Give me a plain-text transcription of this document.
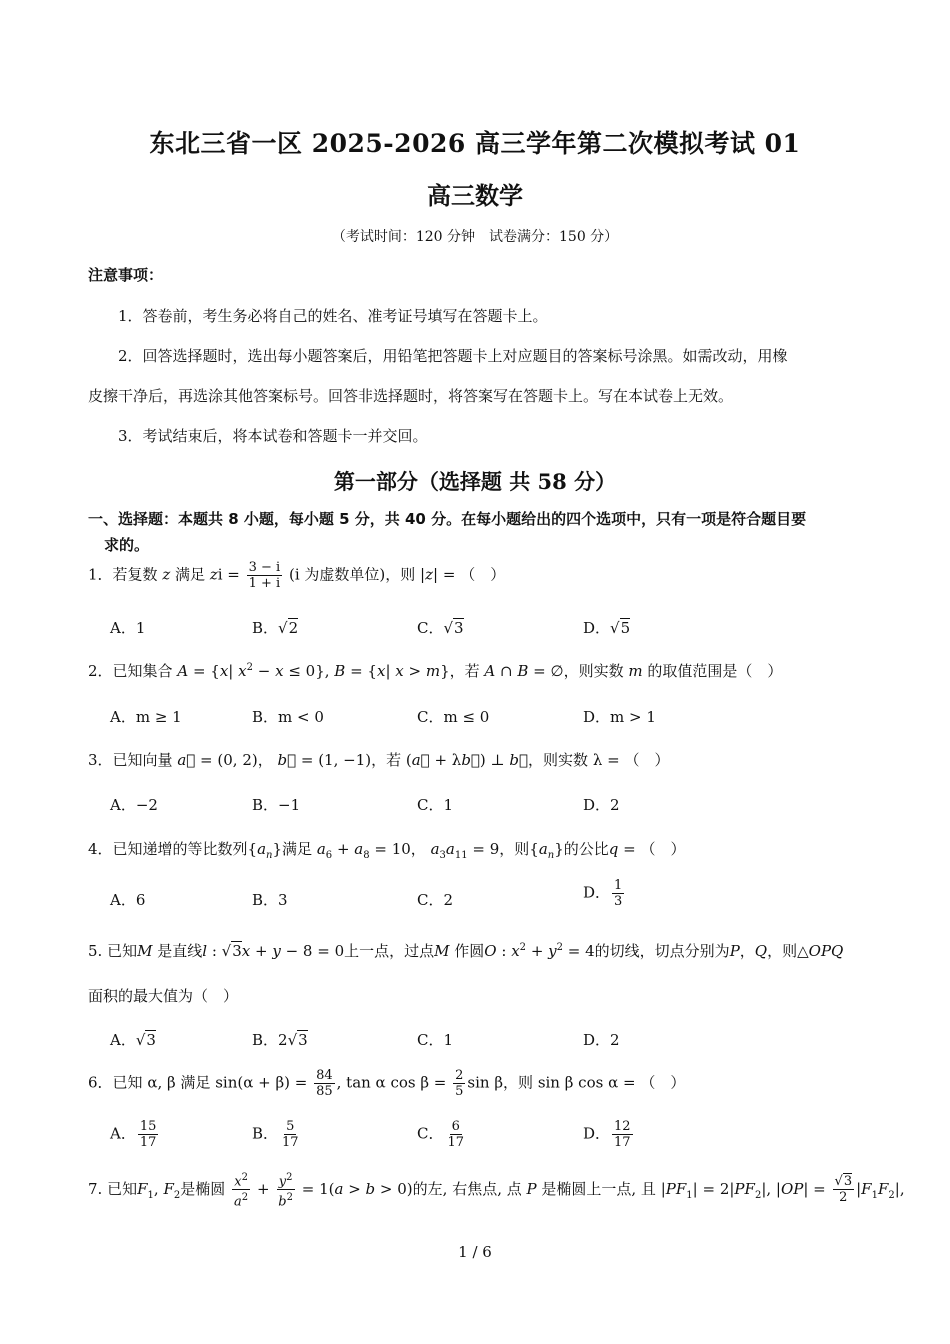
东北三省一区 2025-2026 高三学年第二次模拟考试 01
高三数学
（考试时间：120 分钟　试卷满分：150 分）
注意事项：
1．答卷前，考生务必将自己的姓名、准考证号填写在答题卡上。
2．回答选择题时，选出每小题答案后，用铅笔把答题卡上对应题目的答案标号涂黑。如需改动，用橡
皮擦干净后，再选涂其他答案标号。回答非选择题时，将答案写在答题卡上。写在本试卷上无效。
3．考试结束后，将本试卷和答题卡一并交回。
第一部分（选择题 共 58 分）
一、选择题：本题共 8 小题，每小题 5 分，共 40 分。在每小题给出的四个选项中，只有一项是符合题目要
求的。
1．若复数 z 满足 zi = $\frac{3 - i}{1 + i} (i$ 为虚数单位)，则 |z| = （　）
A．1	B．√2	C．√3	D．√5
2．已知集合 A = {x| $x^2 - x \le 0$}, B = {x| x > m}，若 A ∩ B = ∅，则实数 m 的取值范围是（　）
A．m ≥ 1	B．m < 0	C．m ≤ 0	D．m > 1
3．已知向量 a⃗ = (0, 2)， b⃗ = (1, −1)，若 (a⃗ + λb⃗) ⊥ b⃗，则实数 λ = （　）
A．−2	B．−1	C．1	D．2
4．已知递增的等比数列$\{a_n\}$满足 $a_6 + a_8 = 10$， $a_3a_{11} = 9$，则$\{a_n\}$的公比q = （　）
A．6	B．3	C．2	D． $\frac{1}{3}$
5. 已知M 是直线l : √3x + y − 8 = 0上一点，过点M 作圆O : $x^2 + y^2 = 4$的切线，切点分别为P，Q，则△OPQ
面积的最大值为（　）
A．√3	B．2√3	C．1	D．2
6．已知 α, β 满足 $\sin(\alpha + \beta) = \frac{84}{85}$ , tan α $\cos \beta = \frac{2}{5}$ sin β，则 sin β cos α = （　）
A． $\frac{15}{17}$	B． $\frac{5}{17}$	C． $\frac{6}{17}$	D． $\frac{12}{17}$
7. 已知$F_1$, $F_2$是椭圆 $\frac{x^2}{a^2} + \frac{y^2}{b^2} = 1(a > b > 0)$的左, 右焦点, 点 P 是椭圆上一点, 且 $|PF_1| = 2|PF_2|$, $|OP| = \frac{√3}{2} |F_1F_2|$,
1 / 6
